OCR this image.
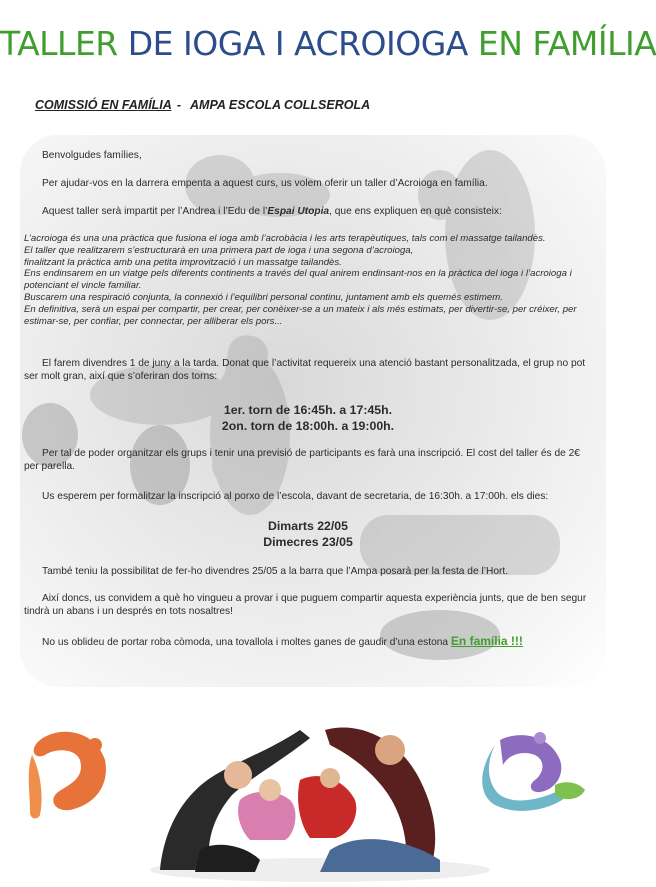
TALLER DE IOGA I ACROIOGA EN FAMÍLIA
COMISSIÓ EN FAMÍLIA - AMPA ESCOLA COLLSEROLA
Benvolgudes famílies,
Per ajudar-vos en la darrera empenta a aquest curs, us volem oferir un taller d’Acroioga en família.
Aquest taller serà impartit per l’Andrea i l’Edu de l’Espai Utopia, que ens expliquen en què consisteix:
L’acroioga és una una pràctica que fusiona el ioga amb l’acrobàcia i les arts terapèutiques, tals com el massatge tailandès.
El taller que realitzarem s’estructurarà en una primera part de ioga i una segona d’acroioga,
finalitzant la pràctica amb una petita improvització i un massatge tailandès.
Ens endinsarem en un viatge pels diferents continents a través del qual anirem endinsant-nos en la pràctica del ioga i l’acroioga i potenciant el vincle familiar.
Buscarem una respiració conjunta, la connexió i l’equilibri personal continu, juntament amb els quemés estimem.
En definitiva, serà un espai per compartir, per crear, per conèixer-se a un mateix i als més estimats, per divertir-se, per créixer, per estimar-se, per confiar, per connectar, per alliberar els pors...
El farem divendres 1 de juny a la tarda. Donat que l’activitat requereix una atenció bastant personalitzada, el grup no pot ser molt gran, així que s’oferiran dos torns:
1er. torn de 16:45h. a 17:45h.
2on. torn de 18:00h. a 19:00h.
Per tal de poder organitzar els grups i tenir una previsió de participants es farà una inscripció. El cost del taller és de 2€ per parella.
Us esperem per formalitzar la inscripció al porxo de l’escola, davant de secretaria, de 16:30h. a 17:00h. els dies:
Dimarts 22/05
Dimecres 23/05
També teniu la possibilitat de fer-ho divendres 25/05 a la barra que l’Ampa posarà per la festa de l’Hort.
Així doncs, us convidem a què ho vingueu a provar i que puguem compartir aquesta experiència junts, que de ben segur tindrà un abans i un després en tots nosaltres!
No us oblideu de portar roba còmoda, una tovallola i moltes ganes de gaudir d’una estona En família !!!
